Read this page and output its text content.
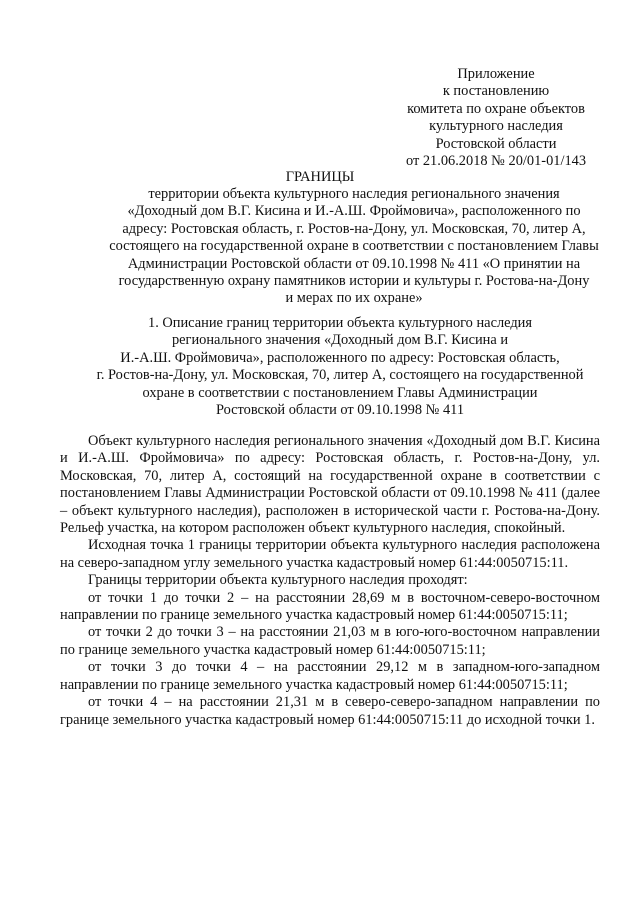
Приложение
к постановлению
комитета по охране объектов
культурного наследия
Ростовской области
от 21.06.2018 № 20/01-01/143
ГРАНИЦЫ
территории объекта культурного наследия регионального значения
«Доходный дом В.Г. Кисина и И.-А.Ш. Фроймовича», расположенного по
адресу: Ростовская область, г. Ростов-на-Дону, ул. Московская, 70, литер А,
состоящего на государственной охране в соответствии с постановлением Главы
Администрации Ростовской области от 09.10.1998 № 411 «О принятии на
государственную охрану памятников истории и культуры г. Ростова-на-Дону
и мерах по их охране»
1. Описание границ территории объекта культурного наследия
регионального значения «Доходный дом В.Г. Кисина и
И.-А.Ш. Фроймовича», расположенного по адресу: Ростовская область,
г. Ростов-на-Дону, ул. Московская, 70, литер А, состоящего на государственной
охране в соответствии с постановлением Главы Администрации
Ростовской области от 09.10.1998 № 411

Объект культурного наследия регионального значения «Доходный дом В.Г. Кисина и И.-А.Ш. Фроймовича» по адресу: Ростовская область, г. Ростов-на-Дону, ул. Московская, 70, литер А, состоящий на государственной охране в соответствии с постановлением Главы Администрации Ростовской области от 09.10.1998 № 411 (далее – объект культурного наследия), расположен в исторической части г. Ростова-на-Дону. Рельеф участка, на котором расположен объект культурного наследия, спокойный.

Исходная точка 1 границы территории объекта культурного наследия расположена на северо-западном углу земельного участка кадастровый номер 61:44:0050715:11.

Границы территории объекта культурного наследия проходят:

от точки 1 до точки 2 – на расстоянии 28,69 м в восточном-северо-восточном направлении по границе земельного участка кадастровый номер 61:44:0050715:11;

от точки 2 до точки 3 – на расстоянии 21,03 м в юго-юго-восточном направлении по границе земельного участка кадастровый номер 61:44:0050715:11;

от точки 3 до точки 4 – на расстоянии 29,12 м в западном-юго-западном направлении по границе земельного участка кадастровый номер 61:44:0050715:11;

от точки 4 – на расстоянии 21,31 м в северо-северо-западном направлении по границе земельного участка кадастровый номер 61:44:0050715:11 до исходной точки 1.
